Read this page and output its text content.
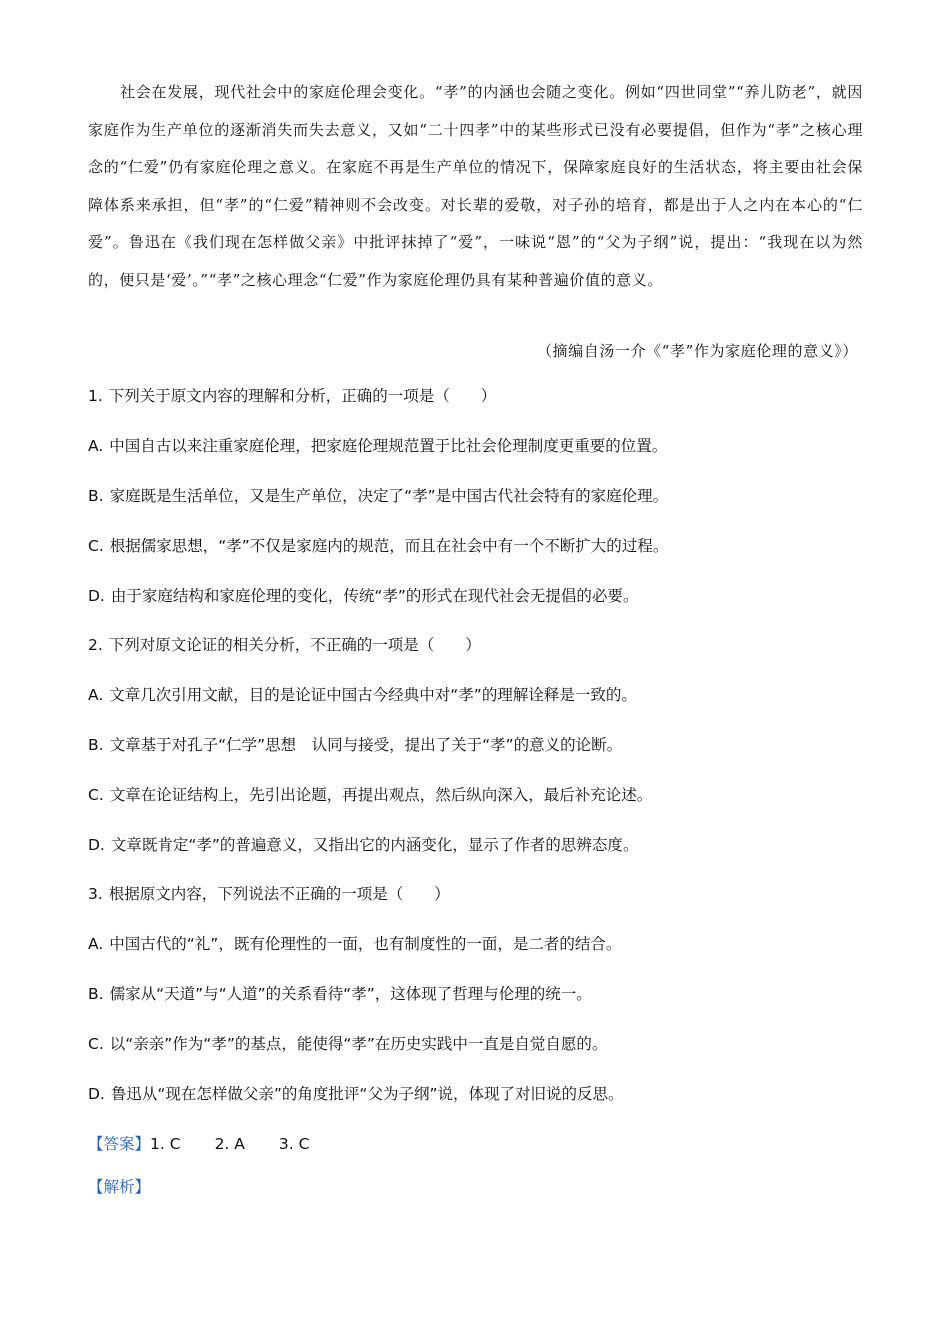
社会在发展，现代社会中的家庭伦理会变化。“孝”的内涵也会随之变化。例如“四世同堂”“养儿防老”，就因家庭作为生产单位的逐渐消失而失去意义，又如“二十四孝”中的某些形式已没有必要提倡，但作为“孝”之核心理念的“仁爱”仍有家庭伦理之意义。在家庭不再是生产单位的情况下，保障家庭良好的生活状态，将主要由社会保障体系来承担，但“孝”的“仁爱”精神则不会改变。对长辈的爱敬，对子孙的培育，都是出于人之内在本心的“仁爱”。鲁迅在《我们现在怎样做父亲》中批评抹掉了“爱”，一味说“恩”的“父为子纲”说，提出：“我现在以为然的，便只是‘爱’。”“孝”之核心理念“仁爱”作为家庭伦理仍具有某种普遍价值的意义。

（摘编自汤一介《“孝”作为家庭伦理的意义》）
1. 下列关于原文内容的理解和分析，正确的一项是（　　）
A. 中国自古以来注重家庭伦理，把家庭伦理规范置于比社会伦理制度更重要的位置。
B. 家庭既是生活单位，又是生产单位，决定了“孝”是中国古代社会特有的家庭伦理。
C. 根据儒家思想，“孝”不仅是家庭内的规范，而且在社会中有一个不断扩大的过程。
D. 由于家庭结构和家庭伦理的变化，传统“孝”的形式在现代社会无提倡的必要。
2. 下列对原文论证的相关分析，不正确的一项是（　　）
A. 文章几次引用文献，目的是论证中国古今经典中对“孝”的理解诠释是一致的。
B. 文章基于对孔子“仁学”思想　认同与接受，提出了关于“孝”的意义的论断。
C. 文章在论证结构上，先引出论题，再提出观点，然后纵向深入，最后补充论述。
D. 文章既肯定“孝”的普遍意义，又指出它的内涵变化，显示了作者的思辨态度。
3. 根据原文内容，下列说法不正确的一项是（　　）
A. 中国古代的“礼”，既有伦理性的一面，也有制度性的一面，是二者的结合。
B. 儒家从“天道”与“人道”的关系看待“孝”，这体现了哲理与伦理的统一。
C. 以“亲亲”作为“孝”的基点，能使得“孝”在历史实践中一直是自觉自愿的。
D. 鲁迅从“现在怎样做父亲”的角度批评“父为子纲”说，体现了对旧说的反思。
【答案】1. C 2. A 3. C
【解析】
